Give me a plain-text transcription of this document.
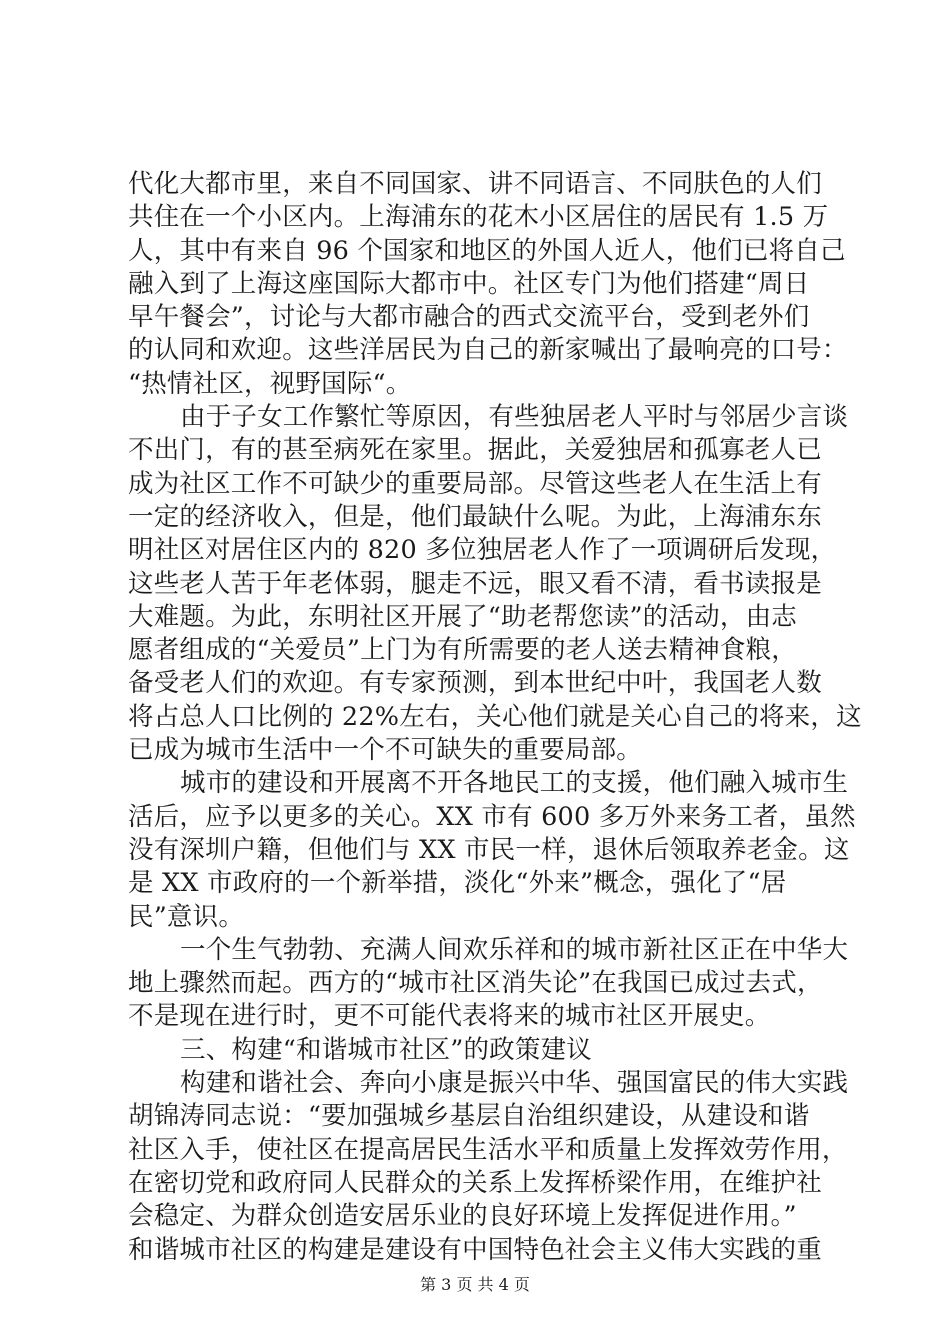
代化大都市里，来自不同国家、讲不同语言、不同肤色的人们
共住在一个小区内。上海浦东的花木小区居住的居民有 1.5 万
人，其中有来自 96 个国家和地区的外国人近人，他们已将自己
融入到了上海这座国际大都市中。社区专门为他们搭建“周日
早午餐会”，讨论与大都市融合的西式交流平台，受到老外们
的认同和欢迎。这些洋居民为自己的新家喊出了最响亮的口号：
“热情社区，视野国际“。
由于子女工作繁忙等原因，有些独居老人平时与邻居少言谈
不出门，有的甚至病死在家里。据此，关爱独居和孤寡老人已
成为社区工作不可缺少的重要局部。尽管这些老人在生活上有
一定的经济收入，但是，他们最缺什么呢。为此，上海浦东东
明社区对居住区内的 820 多位独居老人作了一项调研后发现，
这些老人苦于年老体弱，腿走不远，眼又看不清，看书读报是
大难题。为此，东明社区开展了“助老帮您读”的活动，由志
愿者组成的“关爱员”上门为有所需要的老人送去精神食粮，
备受老人们的欢迎。有专家预测，到本世纪中叶，我国老人数
将占总人口比例的 22%左右，关心他们就是关心自己的将来，这
已成为城市生活中一个不可缺失的重要局部。
城市的建设和开展离不开各地民工的支援，他们融入城市生
活后，应予以更多的关心。XX 市有 600 多万外来务工者，虽然
没有深圳户籍，但他们与 XX 市民一样，退休后领取养老金。这
是 XX 市政府的一个新举措，淡化“外来”概念，强化了“居
民”意识。
一个生气勃勃、充满人间欢乐祥和的城市新社区正在中华大
地上骤然而起。西方的“城市社区消失论”在我国已成过去式，
不是现在进行时，更不可能代表将来的城市社区开展史。
三、构建“和谐城市社区”的政策建议
构建和谐社会、奔向小康是振兴中华、强国富民的伟大实践
胡锦涛同志说：“要加强城乡基层自治组织建设，从建设和谐
社区入手，使社区在提高居民生活水平和质量上发挥效劳作用，
在密切党和政府同人民群众的关系上发挥桥梁作用，在维护社
会稳定、为群众创造安居乐业的良好环境上发挥促进作用。”
和谐城市社区的构建是建设有中国特色社会主义伟大实践的重
第 3 页 共 4 页
